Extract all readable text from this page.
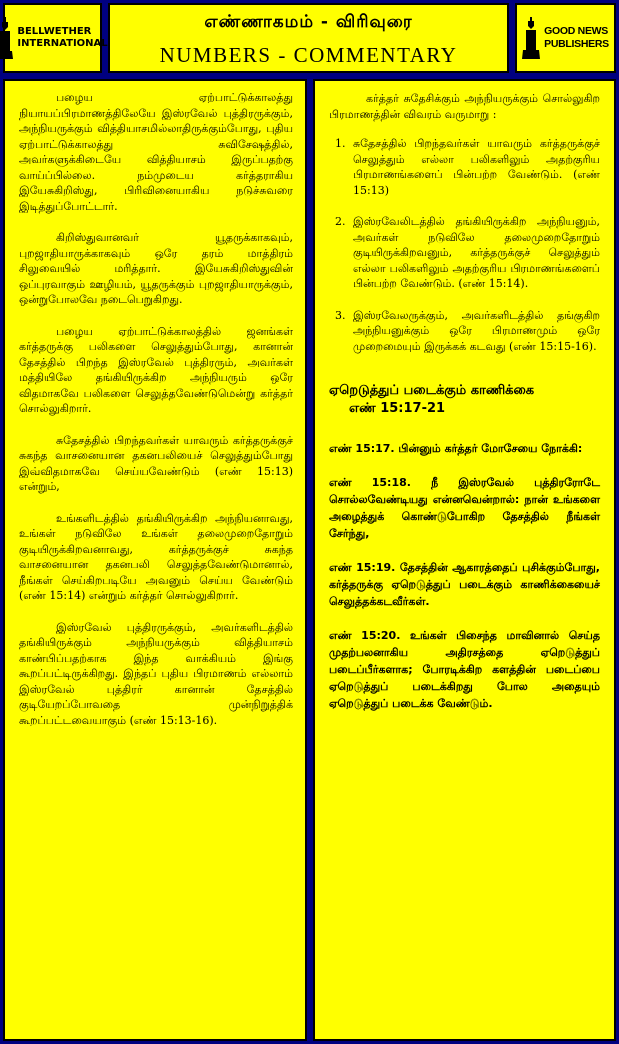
BELLWETHER
INTERNATIONAL
எண்ணாகமம் - விரிவுரை
NUMBERS - COMMENTARY
GOOD NEWS
PUBLISHERS

பழைய ஏற்பாட்டுக்காலத்து நியாயப்பிரமாணத்திலேயே இஸ்ரவேல் புத்திரருக்கும், அந்நியருக்கும் வித்தியாசமில்லாதிருக்கும்போது, புதிய ஏற்பாட்டுக்காலத்து சுவிசேஷத்தில், அவர்களுக்கிடையே வித்தியாசம் இருப்பதற்கு வாய்ப்பில்லை. நம்முடைய கர்த்தராகிய இயேசுகிறிஸ்து, பிரிவினையாகிய நடுச்சுவரை இடித்துப்போட்டார்.

கிறிஸ்துவானவர் யூதருக்காகவும், புறஜாதியாருக்காகவும் ஒரே தரம் மாத்திரம் சிலுவையில் மரித்தார். இயேசுகிறிஸ்துவின் ஒப்புரவாகும் ஊழியம், யூதருக்கும் புறஜாதியாருக்கும், ஒன்றுபோலவே நடைபெறுகிறது.

பழைய ஏற்பாட்டுக்காலத்தில் ஜனங்கள் கர்த்தருக்கு பலிகளை செலுத்தும்போது, கானான் தேசத்தில் பிறந்த இஸ்ரவேல் புத்திரரும், அவர்கள் மத்தியிலே தங்கியிருக்கிற அந்நியரும் ஒரே விதமாகவே பலிகளை செலுத்தவேண்டுமென்று கர்த்தர் சொல்லுகிறார்.

சுதேசத்தில் பிறந்தவர்கள் யாவரும் கர்த்தருக்குச் சுகந்த வாசனையான தகனபலியைச் செலுத்தும்போது இவ்விதமாகவே செய்யவேண்டும் (எண் 15:13) என்றும்,

உங்களிடத்தில் தங்கியிருக்கிற அந்நியனாவது, உங்கள் நடுவிலே உங்கள் தலைமுறைதோறும் குடியிருக்கிறவனாவது, கர்த்தருக்குச் சுகந்த வாசனையான தகனபலி செலுத்தவேண்டுமானால், நீங்கள் செய்கிறபடியே அவனும் செய்ய வேண்டும் (எண் 15:14) என்றும் கர்த்தர் சொல்லுகிறார்.

இஸ்ரவேல் புத்திரருக்கும், அவர்களிடத்தில் தங்கியிருக்கும் அந்நியருக்கும் வித்தியாசம் காண்பிப்பதற்காக இந்த வாக்கியம் இங்கு கூறப்பட்டிருக்கிறது. இந்தப் புதிய பிரமாணம் எல்லாம் இஸ்ரவேல் புத்திரர் கானான் தேசத்தில் குடியேறப்போவதை முன்நிறுத்திக் கூறப்பட்டவையாகும் (எண் 15:13-16).

கர்த்தர் சுதேசிக்கும் அந்நியருக்கும் சொல்லுகிற பிரமாணத்தின் விவரம் வருமாறு :

1. சுதேசத்தில் பிறந்தவர்கள் யாவரும் கர்த்தருக்குச் செலுத்தும் எல்லா பலிகளிலும் அதற்குரிய பிரமாணங்களைப் பின்பற்ற வேண்டும். (எண் 15:13)
2. இஸ்ரவேலிடத்தில் தங்கியிருக்கிற அந்நியனும், அவர்கள் நடுவிலே தலைமுறைதோறும் குடியிருக்கிறவனும், கர்த்தருக்குச் செலுத்தும் எல்லா பலிகளிலும் அதற்குரிய பிரமாணங்களைப் பின்பற்ற வேண்டும். (எண் 15:14).
3. இஸ்ரவேலருக்கும், அவர்களிடத்தில் தங்குகிற அந்நியனுக்கும் ஒரே பிரமாணமும் ஒரே முறைமையும் இருக்கக் கடவது (எண் 15:15-16).
ஏறெடுத்துப் படைக்கும் காணிக்கை
எண் 15:17-21

எண் 15:17. பின்னும் கர்த்தர் மோசேயை நோக்கி:

எண் 15:18. நீ இஸ்ரவேல் புத்திரரோடே சொல்லவேண்டியது என்னவென்றால்: நான் உங்களை அழைத்துக் கொண்டுபோகிற தேசத்தில் நீங்கள் சேர்ந்து,

எண் 15:19. தேசத்தின் ஆகாரத்தைப் புசிக்கும்போது, கர்த்தருக்கு ஏறெடுத்துப் படைக்கும் காணிக்கையைச் செலுத்தக்கடவீர்கள்.

எண் 15:20. உங்கள் பிசைந்த மாவினால் செய்த முதற்பலனாகிய அதிரசத்தை ஏறெடுத்துப் படைப்பீர்களாக; போரடிக்கிற களத்தின் படைப்பை ஏறெடுத்துப் படைக்கிறது போல அதையும் ஏறெடுத்துப் படைக்க வேண்டும்.
